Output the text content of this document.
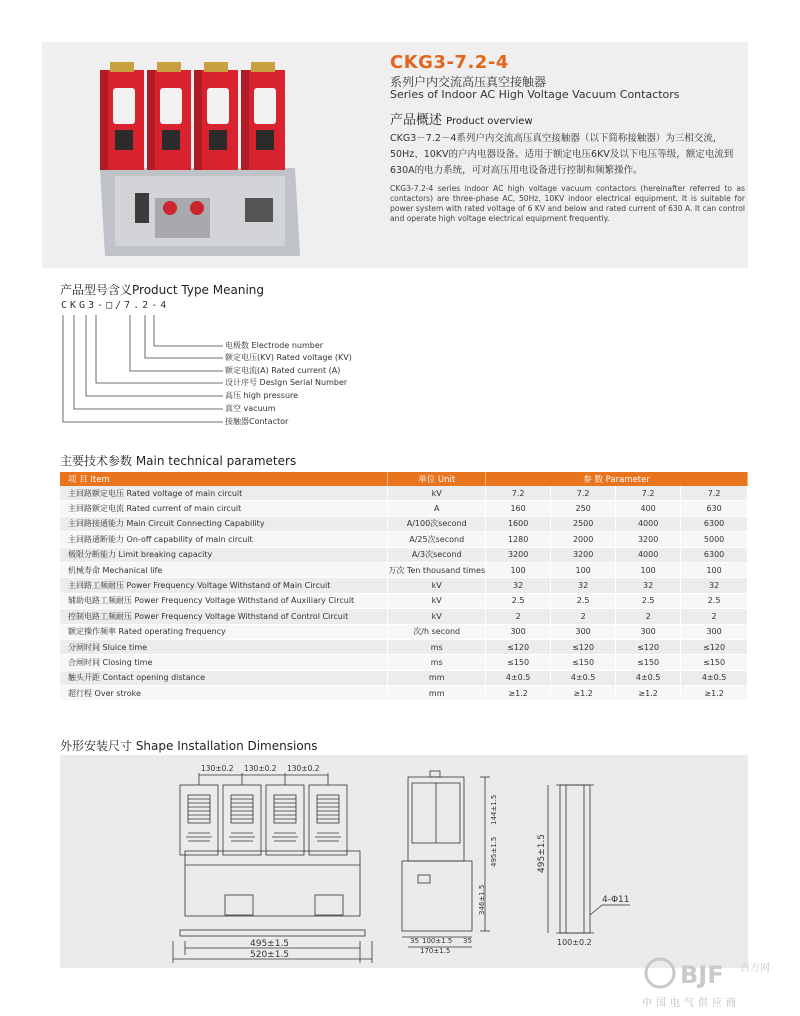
CKG3-7.2-4
系列户内交流高压真空接触器
Series of Indoor AC High Voltage Vacuum Contactors
产品概述 Product overview
CKG3－7.2－4系列户内交流高压真空接触器（以下简称接触器）为三相交流，
50Hz、10KV的户内电器设备。适用于额定电压6KV及以下电压等级，额定电流到
630A的电力系统，可对高压用电设备进行控制和频繁操作。
CKG3-7.2-4 series indoor AC high voltage vacuum contactors (hereinafter referred to as contactors) are three-phase AC, 50Hz, 10KV indoor electrical equipment. It is suitable for power system with rated voltage of 6 KV and below and rated current of 630 A. It can control and operate high voltage electrical equipment frequently.
产品型号含义Product Type Meaning
CKG3-□/7.2-4
电极数 Electrode number
额定电压(KV) Rated voltage (KV)
额定电流(A) Rated current (A)
设计序号 DesIgn Serial Number
高压 high pressure
真空 vacuum
接触器Contactor
主要技术参数 Main technical parameters
项 目 Item	单位 Unit	参 数 Parameter			
主回路额定电压 Rated voltage of main circuit	kV	7.2	7.2	7.2	7.2
主回路额定电流 Rated current of main circuit	A	160	250	400	630
主回路接通能力 Main Circuit Connecting Capability	A/100次second	1600	2500	4000	6300
主回路通断能力 On-off capability of main circuit	A/25次second	1280	2000	3200	5000
极限分断能力 Limit breaking capacity	A/3次second	3200	3200	4000	6300
机械寿命 Mechanical life	万次 Ten thousand times	100	100	100	100
主回路工频耐压 Power Frequency Voltage Withstand of Main Circuit	kV	32	32	32	32
辅助电路工频耐压 Power Frequency Voltage Withstand of Auxiliary Circuit	kV	2.5	2.5	2.5	2.5
控制电路工频耐压 Power Frequency Voltage Withstand of Control Circuit	kV	2	2	2	2
额定操作频率 Rated operating frequency	次/h second	300	300	300	300
分闸时间 Sluice time	ms	≤120	≤120	≤120	≤120
合闸时间 Closing time	ms	≤150	≤150	≤150	≤150
触头开距 Contact opening distance	mm	4±0.5	4±0.5	4±0.5	4±0.5
超行程 Over stroke	mm	≥1.2	≥1.2	≥1.2	≥1.2
外形安装尺寸 Shape Installation Dimensions
130±0.2 130±0.2 130±0.2
495±1.5
520±1.5
144±1.5
495±1.5
346±1.5
35 100±1.5 35
170±1.5
495±1.5
4-Φ11
100±0.2
BJF 百方网
中国电气供应商
